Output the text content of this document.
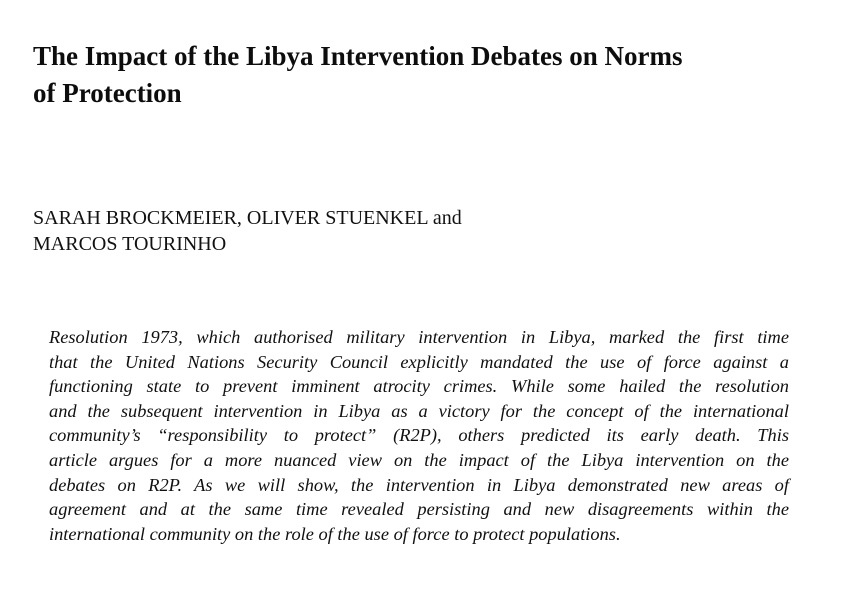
The Impact of the Libya Intervention Debates on Norms
of Protection
SARAH BROCKMEIER, OLIVER STUENKEL and
MARCOS TOURINHO
Resolution 1973, which authorised military intervention in Libya, marked the first time
that the United Nations Security Council explicitly mandated the use of force against a
functioning state to prevent imminent atrocity crimes. While some hailed the resolution
and the subsequent intervention in Libya as a victory for the concept of the international
community’s “responsibility to protect” (R2P), others predicted its early death. This
article argues for a more nuanced view on the impact of the Libya intervention on the
debates on R2P. As we will show, the intervention in Libya demonstrated new areas of
agreement and at the same time revealed persisting and new disagreements within the
international community on the role of the use of force to protect populations.
